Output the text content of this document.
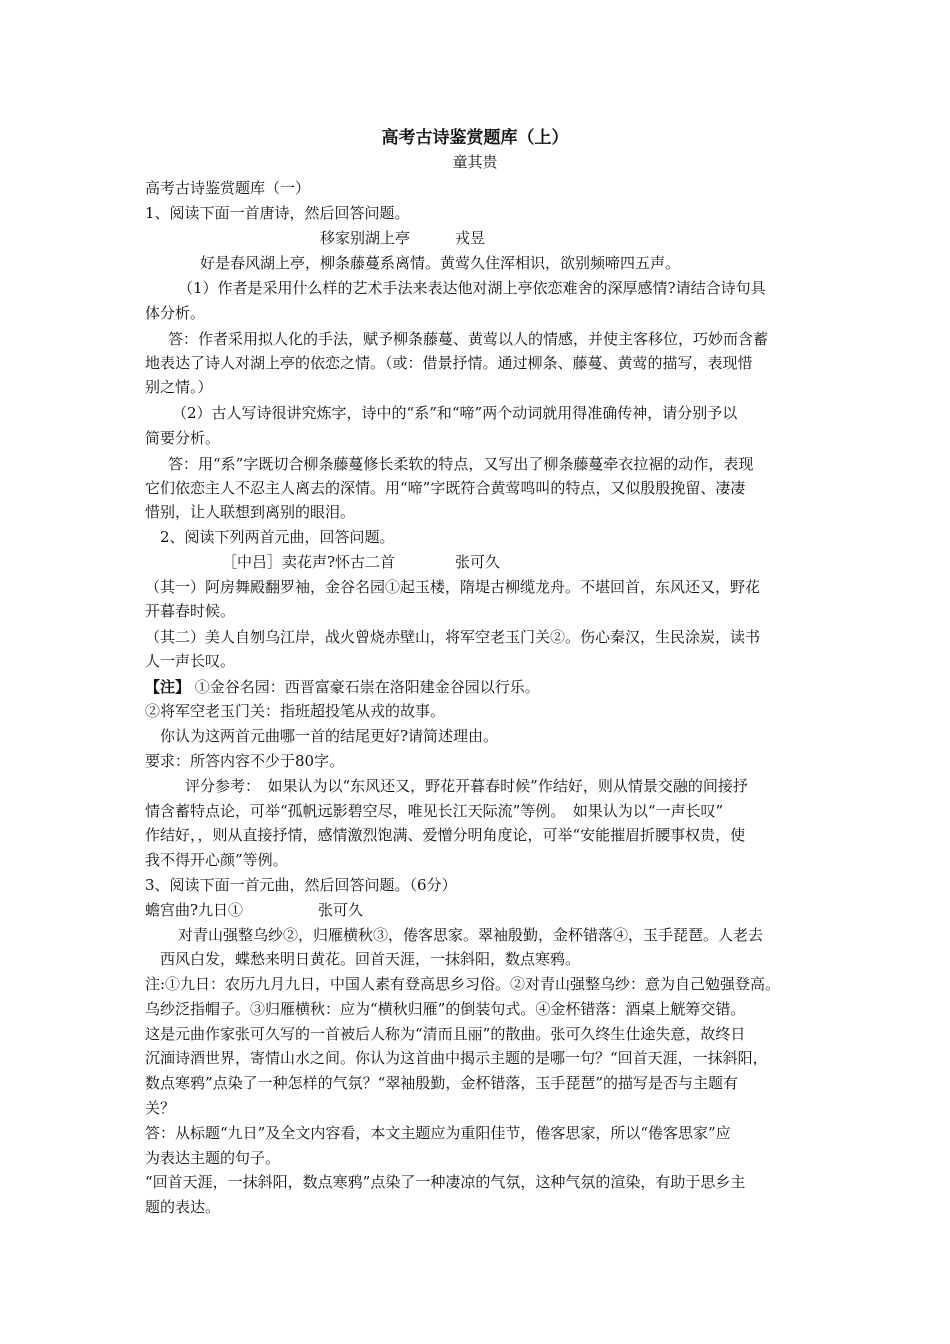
高考古诗鉴赏题库（上）
童其贵
高考古诗鉴赏题库（一）
1、阅读下面一首唐诗，然后回答问题。
移家别湖上亭　　　戎昱
好是春风湖上亭，柳条藤蔓系离情。黄莺久住浑相识，欲别频啼四五声。
（1）作者是采用什么样的艺术手法来表达他对湖上亭依恋难舍的深厚感情?请结合诗句具
体分析。
答：作者采用拟人化的手法，赋予柳条藤蔓、黄莺以人的情感，并使主客移位，巧妙而含蓄
地表达了诗人对湖上亭的依恋之情。（或：借景抒情。通过柳条、藤蔓、黄莺的描写，表现惜
别之情。）
（2）古人写诗很讲究炼字，诗中的“系”和“啼”两个动词就用得准确传神，请分别予以
简要分析。
答：用“系”字既切合柳条藤蔓修长柔软的特点，又写出了柳条藤蔓牵衣拉裾的动作，表现
它们依恋主人不忍主人离去的深情。用“啼”字既符合黄莺鸣叫的特点，又似殷殷挽留、凄凄
惜别，让人联想到离别的眼泪。
2、阅读下列两首元曲，回答问题。
［中吕］卖花声?怀古二首　　　　张可久
（其一）阿房舞殿翻罗袖，金谷名园①起玉楼，隋堤古柳缆龙舟。不堪回首，东风还又，野花
开暮春时候。
（其二）美人自刎乌江岸，战火曾烧赤壁山，将军空老玉门关②。伤心秦汉，生民涂炭，读书
人一声长叹。
【注】 ①金谷名园：西晋富豪石崇在洛阳建金谷园以行乐。
②将军空老玉门关：指班超投笔从戎的故事。
你认为这两首元曲哪一首的结尾更好?请简述理由。
要求：所答内容不少于80字。
评分参考：　如果认为以“东风还又，野花开暮春时候”作结好，则从情景交融的间接抒
情含蓄特点论，可举“孤帆远影碧空尽，唯见长江天际流”等例。　如果认为以“一声长叹”
作结好，，则从直接抒情，感情激烈饱满、爱憎分明角度论，可举“安能摧眉折腰事权贵，使
我不得开心颜”等例。
3、阅读下面一首元曲，然后回答问题。（6分）
蟾宫曲?九日①　　　　　张可久
对青山强整乌纱②，归雁横秋③，倦客思家。翠袖殷勤，金杯错落④，玉手琵琶。人老去
西风白发，蝶愁来明日黄花。回首天涯，一抹斜阳，数点寒鸦。
注:①九日：农历九月九日，中国人素有登高思乡习俗。②对青山强整乌纱：意为自己勉强登高。
乌纱泛指帽子。③归雁横秋：应为“横秋归雁”的倒装句式。④金杯错落：酒桌上觥筹交错。
这是元曲作家张可久写的一首被后人称为“清而且丽”的散曲。张可久终生仕途失意，故终日
沉湎诗酒世界，寄情山水之间。你认为这首曲中揭示主题的是哪一句？“回首天涯，一抹斜阳，
数点寒鸦”点染了一种怎样的气氛？“翠袖殷勤，金杯错落，玉手琵琶”的描写是否与主题有
关？
答：从标题“九日”及全文内容看，本文主题应为重阳佳节，倦客思家，所以“倦客思家”应
为表达主题的句子。
“回首天涯，一抹斜阳，数点寒鸦”点染了一种凄凉的气氛，这种气氛的渲染，有助于思乡主
题的表达。
